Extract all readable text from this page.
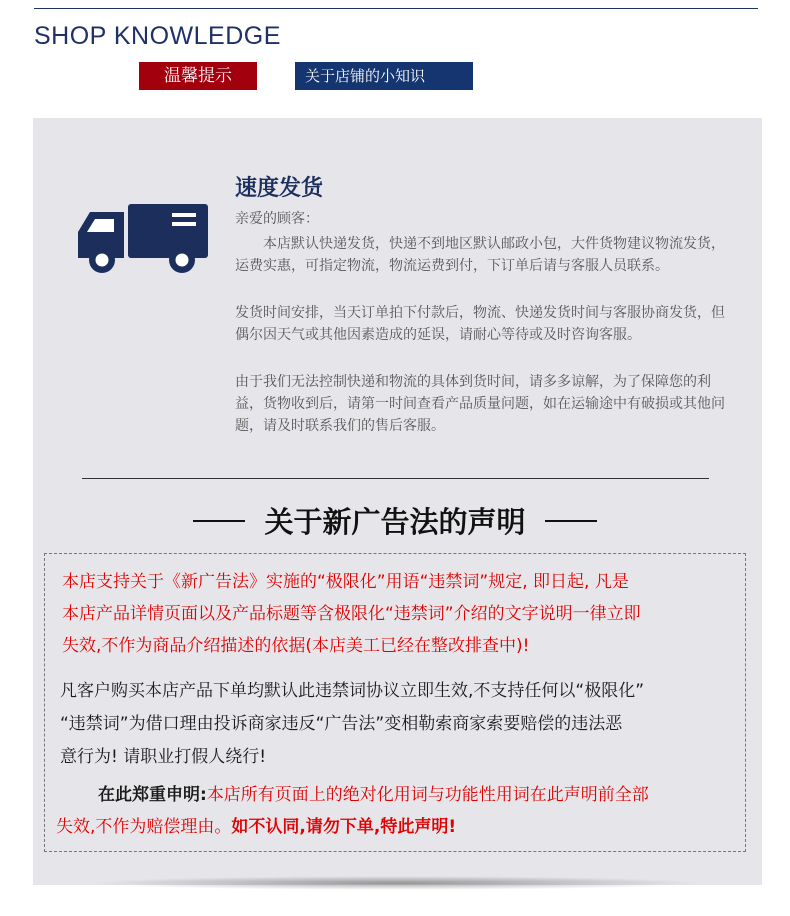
SHOP KNOWLEDGE
温馨提示	关于店铺的小知识
速度发货
亲爱的顾客：
本店默认快递发货，快递不到地区默认邮政小包，大件货物建议物流发货，运费实惠，可指定物流，物流运费到付，下订单后请与客服人员联系。
发货时间安排，当天订单拍下付款后，物流、快递发货时间与客服协商发货，但偶尔因天气或其他因素造成的延误，请耐心等待或及时咨询客服。
由于我们无法控制快递和物流的具体到货时间，请多多谅解，为了保障您的利益，货物收到后，请第一时间查看产品质量问题，如在运输途中有破损或其他问题，请及时联系我们的售后客服。
关于新广告法的声明
本店支持关于《新广告法》实施的“极限化”用语“违禁词”规定, 即日起, 凡是
本店产品详情页面以及产品标题等含极限化“违禁词”介绍的文字说明一律立即
失效,不作为商品介绍描述的依据(本店美工已经在整改排查中)!
凡客户购买本店产品下单均默认此违禁词协议立即生效,不支持任何以“极限化”
“违禁词”为借口理由投诉商家违反“广告法”变相勒索商家索要赔偿的违法恶
意行为! 请职业打假人绕行!
在此郑重申明:本店所有页面上的绝对化用词与功能性用词在此声明前全部
失效,不作为赔偿理由。如不认同,请勿下单,特此声明!
